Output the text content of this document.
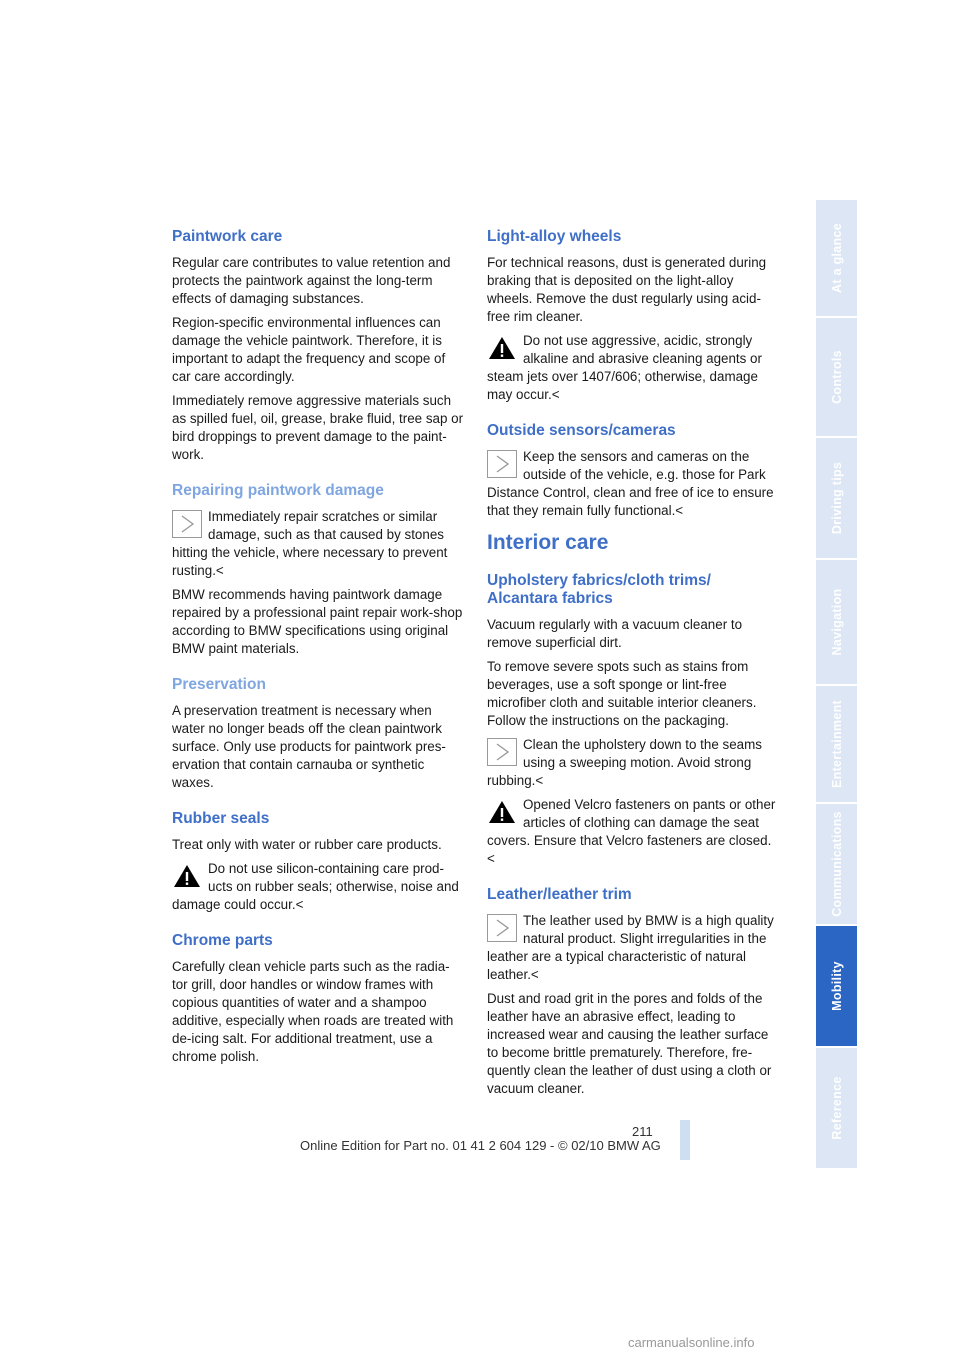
Paintwork care

Regular care contributes to value retention and protects the paintwork against the long-term effects of damaging substances.

Region-specific environmental influences can damage the vehicle paintwork. Therefore, it is important to adapt the frequency and scope of car care accordingly.

Immediately remove aggressive materials such as spilled fuel, oil, grease, brake fluid, tree sap or bird droppings to prevent damage to the paint-work.

Repairing paintwork damage
Immediately repair scratches or similar damage, such as that caused by stones hitting the vehicle, where necessary to prevent rusting.<

BMW recommends having paintwork damage repaired by a professional paint repair work-shop according to BMW specifications using original BMW paint materials.

Preservation

A preservation treatment is necessary when water no longer beads off the clean paintwork surface. Only use products for paintwork pres-ervation that contain carnauba or synthetic waxes.

Rubber seals

Treat only with water or rubber care products.

Do not use silicon-containing care prod-ucts on rubber seals; otherwise, noise and damage could occur.<
Chrome parts

Carefully clean vehicle parts such as the radia-tor grill, door handles or window frames with copious quantities of water and a shampoo additive, especially when roads are treated with de-icing salt. For additional treatment, use a chrome polish.

Light-alloy wheels

For technical reasons, dust is generated during braking that is deposited on the light-alloy wheels. Remove the dust regularly using acid-free rim cleaner.

Do not use aggressive, acidic, strongly alkaline and abrasive cleaning agents or steam jets over 1407/606; otherwise, damage may occur.<
Outside sensors/cameras
Keep the sensors and cameras on the outside of the vehicle, e.g. those for Park Distance Control, clean and free of ice to ensure that they remain fully functional.<
Interior care
Upholstery fabrics/cloth trims/ Alcantara fabrics

Vacuum regularly with a vacuum cleaner to remove superficial dirt.

To remove severe spots such as stains from beverages, use a soft sponge or lint-free microfiber cloth and suitable interior cleaners. Follow the instructions on the packaging.

Clean the upholstery down to the seams using a sweeping motion. Avoid strong rubbing.<
Opened Velcro fasteners on pants or other articles of clothing can damage the seat covers. Ensure that Velcro fasteners are closed.<
Leather/leather trim
The leather used by BMW is a high quality natural product. Slight irregularities in the leather are a typical characteristic of natural leather.<

Dust and road grit in the pores and folds of the leather have an abrasive effect, leading to increased wear and causing the leather surface to become brittle prematurely. Therefore, fre-quently clean the leather of dust using a cloth or vacuum cleaner.

At a glance
Controls
Driving tips
Navigation
Entertainment
Communications
Mobility
Reference
211
Online Edition for Part no. 01 41 2 604 129 - © 02/10 BMW AG
carmanualsonline.info
